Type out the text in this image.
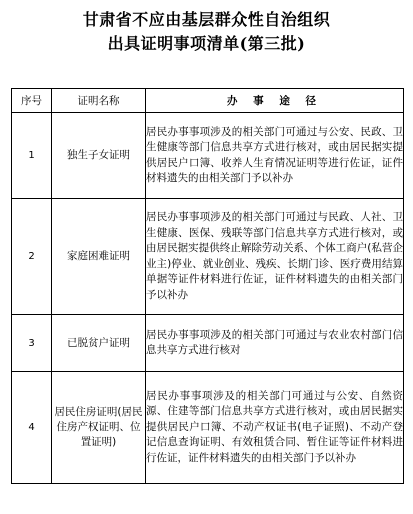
甘肃省不应由基层群众性自治组织
出具证明事项清单(第三批)
序号	证明名称	办 事 途 径
1	独生子女证明	居民办事事项涉及的相关部门可通过与公安、民政、卫生健康等部门信息共享方式进行核对，或由居民据实提供居民户口簿、收养人生育情况证明等进行佐证，证件材料遗失的由相关部门予以补办
2	家庭困难证明	居民办事事项涉及的相关部门可通过与民政、人社、卫生健康、医保、残联等部门信息共享方式进行核对，或由居民据实提供终止解除劳动关系、个体工商户(私营企业主)停业、就业创业、残疾、长期门诊、医疗费用结算单据等证件材料进行佐证，证件材料遗失的由相关部门予以补办
3	已脱贫户证明	居民办事事项涉及的相关部门可通过与农业农村部门信息共享方式进行核对
4	居民住房证明(居民住房产权证明、位置证明)	居民办事事项涉及的相关部门可通过与公安、自然资源、住建等部门信息共享方式进行核对，或由居民据实提供居民户口簿、不动产权证书(电子证照)、不动产登记信息查询证明、有效租赁合同、暂住证等证件材料进行佐证，证件材料遗失的由相关部门予以补办
